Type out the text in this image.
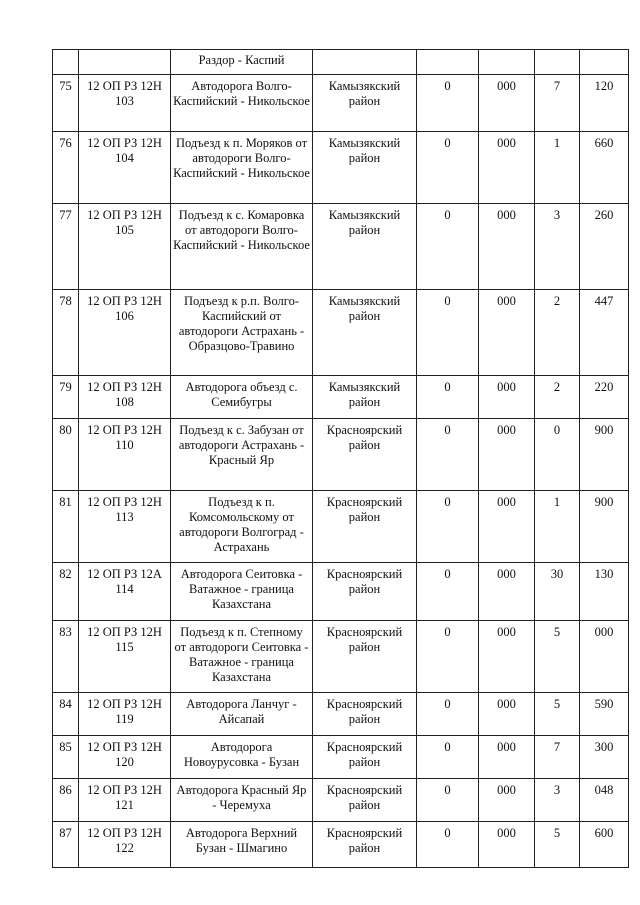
		Раздор - Каспий					
75	12 ОП РЗ 12Н 103	Автодорога Волго-Каспийский - Никольское	Камызякский район	0	000	7	120
76	12 ОП РЗ 12Н 104	Подъезд к п. Моряков от автодороги Волго-Каспийский - Никольское	Камызякский район	0	000	1	660
77	12 ОП РЗ 12Н 105	Подъезд к с. Комаровка от автодороги Волго-Каспийский - Никольское	Камызякский район	0	000	3	260
78	12 ОП РЗ 12Н 106	Подъезд к р.п. Волго-Каспийский от автодороги Астрахань - Образцово-Травино	Камызякский район	0	000	2	447
79	12 ОП РЗ 12Н 108	Автодорога объезд с. Семибугры	Камызякский район	0	000	2	220
80	12 ОП РЗ 12Н 110	Подъезд к с. Забузан от автодороги Астрахань - Красный Яр	Красноярский район	0	000	0	900
81	12 ОП РЗ 12Н 113	Подъезд к п. Комсомольскому от автодороги Волгоград - Астрахань	Красноярский район	0	000	1	900
82	12 ОП РЗ 12А 114	Автодорога Сеитовка - Ватажное - граница Казахстана	Красноярский район	0	000	30	130
83	12 ОП РЗ 12Н 115	Подъезд к п. Степному от автодороги Сеитовка - Ватажное - граница Казахстана	Красноярский район	0	000	5	000
84	12 ОП РЗ 12Н 119	Автодорога Ланчуг - Айсапай	Красноярский район	0	000	5	590
85	12 ОП РЗ 12Н 120	Автодорога Новоурусовка - Бузан	Красноярский район	0	000	7	300
86	12 ОП РЗ 12Н 121	Автодорога Красный Яр - Черемуха	Красноярский район	0	000	3	048
87	12 ОП РЗ 12Н 122	Автодорога Верхний Бузан - Шмагино	Красноярский район	0	000	5	600
